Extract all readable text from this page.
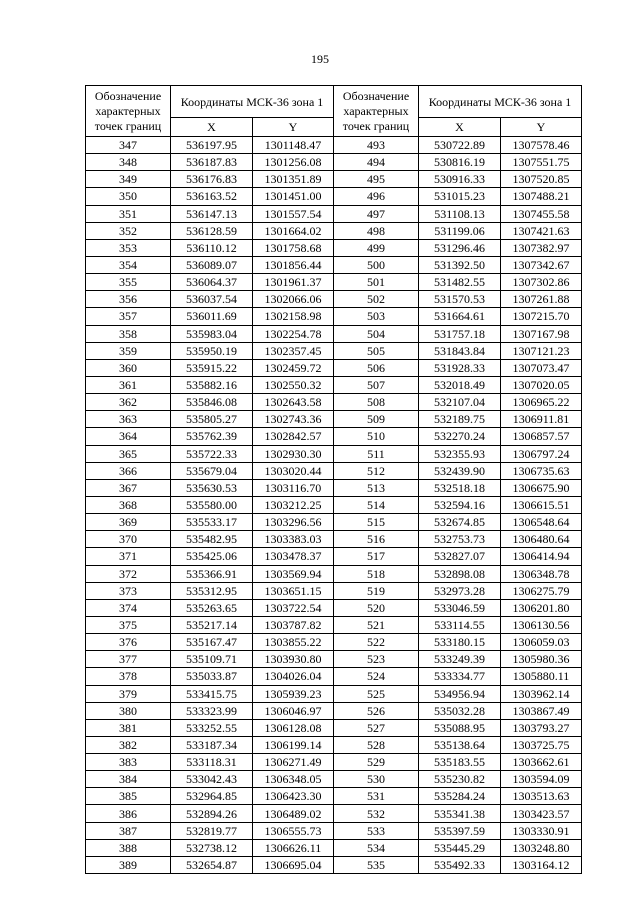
195
Обозначение характерных точек границ	Координаты МСК-36 зона 1		Обозначение характерных точек границ	Координаты МСК-36 зона 1	
	X	Y		X	Y
347	536197.95	1301148.47	493	530722.89	1307578.46
348	536187.83	1301256.08	494	530816.19	1307551.75
349	536176.83	1301351.89	495	530916.33	1307520.85
350	536163.52	1301451.00	496	531015.23	1307488.21
351	536147.13	1301557.54	497	531108.13	1307455.58
352	536128.59	1301664.02	498	531199.06	1307421.63
353	536110.12	1301758.68	499	531296.46	1307382.97
354	536089.07	1301856.44	500	531392.50	1307342.67
355	536064.37	1301961.37	501	531482.55	1307302.86
356	536037.54	1302066.06	502	531570.53	1307261.88
357	536011.69	1302158.98	503	531664.61	1307215.70
358	535983.04	1302254.78	504	531757.18	1307167.98
359	535950.19	1302357.45	505	531843.84	1307121.23
360	535915.22	1302459.72	506	531928.33	1307073.47
361	535882.16	1302550.32	507	532018.49	1307020.05
362	535846.08	1302643.58	508	532107.04	1306965.22
363	535805.27	1302743.36	509	532189.75	1306911.81
364	535762.39	1302842.57	510	532270.24	1306857.57
365	535722.33	1302930.30	511	532355.93	1306797.24
366	535679.04	1303020.44	512	532439.90	1306735.63
367	535630.53	1303116.70	513	532518.18	1306675.90
368	535580.00	1303212.25	514	532594.16	1306615.51
369	535533.17	1303296.56	515	532674.85	1306548.64
370	535482.95	1303383.03	516	532753.73	1306480.64
371	535425.06	1303478.37	517	532827.07	1306414.94
372	535366.91	1303569.94	518	532898.08	1306348.78
373	535312.95	1303651.15	519	532973.28	1306275.79
374	535263.65	1303722.54	520	533046.59	1306201.80
375	535217.14	1303787.82	521	533114.55	1306130.56
376	535167.47	1303855.22	522	533180.15	1306059.03
377	535109.71	1303930.80	523	533249.39	1305980.36
378	535033.87	1304026.04	524	533334.77	1305880.11
379	533415.75	1305939.23	525	534956.94	1303962.14
380	533323.99	1306046.97	526	535032.28	1303867.49
381	533252.55	1306128.08	527	535088.95	1303793.27
382	533187.34	1306199.14	528	535138.64	1303725.75
383	533118.31	1306271.49	529	535183.55	1303662.61
384	533042.43	1306348.05	530	535230.82	1303594.09
385	532964.85	1306423.30	531	535284.24	1303513.63
386	532894.26	1306489.02	532	535341.38	1303423.57
387	532819.77	1306555.73	533	535397.59	1303330.91
388	532738.12	1306626.11	534	535445.29	1303248.80
389	532654.87	1306695.04	535	535492.33	1303164.12
